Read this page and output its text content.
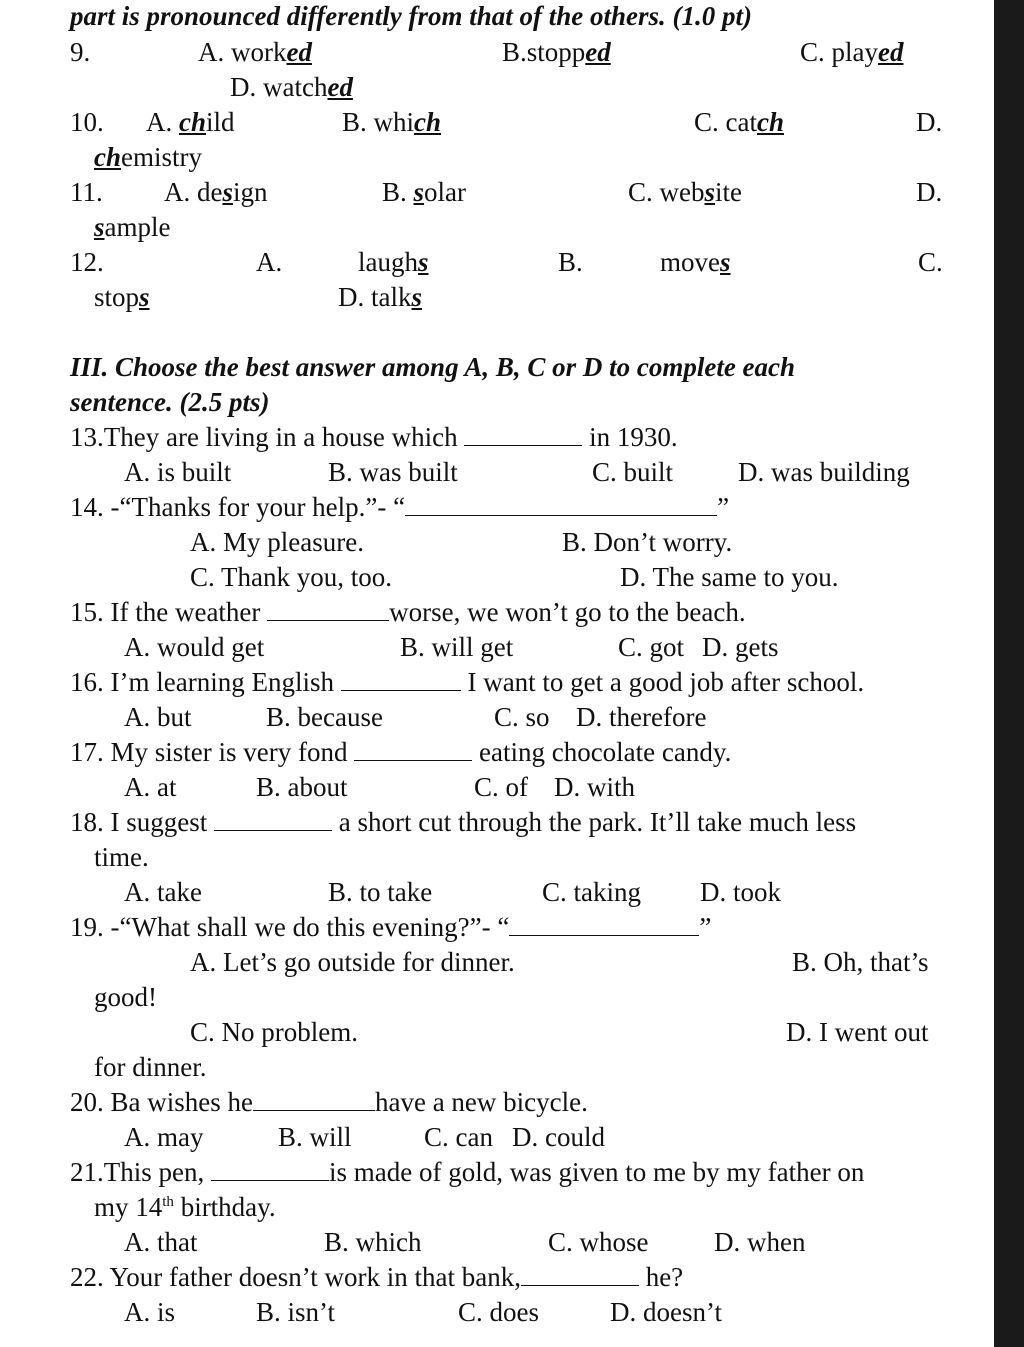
part is pronounced differently from that of the others. (1.0 pt)
9.	A. worked	B.stopped	C. played
D. watched
10. A. child	B. which	C. catch	D.
chemistry
11. A. design	B. solar	C. website	D.
sample
12.	A.	laughs	B.	moves	C.
stops	D. talks
III. Choose the best answer among A, B, C or D to complete each
sentence. (2.5 pts)
13.They are living in a house which	in 1930.
A. is built	B. was built	C. built D. was building
14. -“Thanks for your help.”- “	”
A. My pleasure.	B. Don’t worry.
C. Thank you, too.	D. The same to you.
15. If the weather	worse, we won’t go to the beach.
A. would get	B. will get	C. got D. gets
16. I’m learning English	I want to get a good job after school.
A. but	B. because	C. so D. therefore
17. My sister is very fond	eating chocolate candy.
A. at	B. about	C. of D. with
18. I suggest	a short cut through the park. It’ll take much less
time.
A. take	B. to take	C. taking D. took
19. -“What shall we do this evening?”- “	”
A. Let’s go outside for dinner.	B. Oh, that’s
good!
C. No problem.	D. I went out
for dinner.
20. Ba wishes he	have a new bicycle.
A. may	B. will	C. can D. could
21.This pen,	is made of gold, was given to me by my father on
my 14th birthday.
A. that	B. which	C. whose D. when
22. Your father doesn’t work in that bank,	he?
A. is	B. isn’t	C. does	D. doesn’t
